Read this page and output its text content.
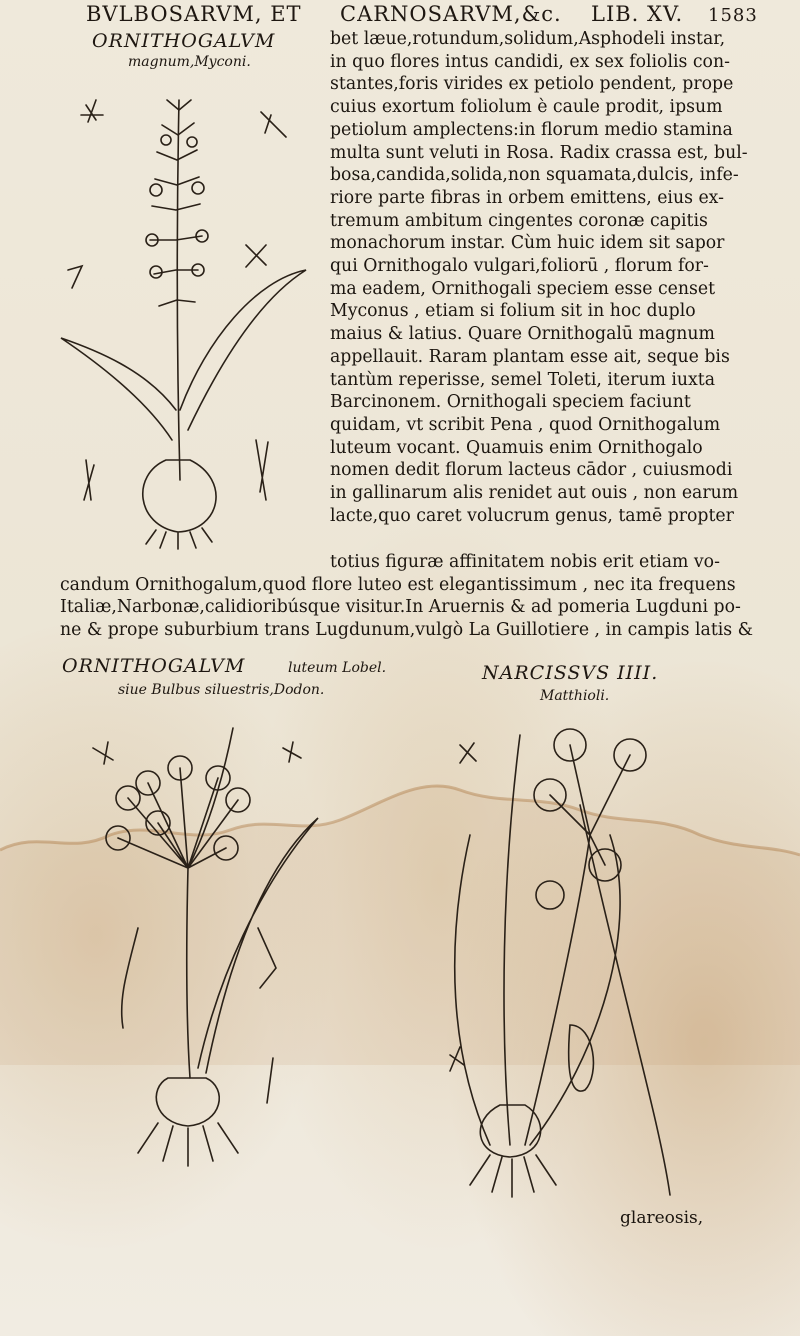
BVLBOSARVM, ET CARNOSARVM,&c. LIB. XV. 1583
ORNITHOGALVM
magnum,Myconi.
bet læue,rotundum,solidum,Asphodeli instar,
in quo flores intus candidi, ex sex foliolis con-
stantes,foris virides ex petiolo pendent, prope
cuius exortum foliolum è caule prodit, ipsum
petiolum amplectens:in florum medio stamina
multa sunt veluti in Rosa. Radix crassa est, bul-
bosa,candida,solida,non squamata,dulcis, infe-
riore parte fibras in orbem emittens, eius ex-
tremum ambitum cingentes coronæ capitis
monachorum instar. Cùm huic idem sit sapor
qui Ornithogalo vulgari,foliorū , florum for-
ma eadem, Ornithogali speciem esse censet
Myconus , etiam si folium sit in hoc duplo
maius & latius. Quare Ornithogalū magnum
appellauit. Raram plantam esse ait, seque bis
tantùm reperisse, semel Toleti, iterum iuxta
Barcinonem. Ornithogali speciem faciunt
quidam, vt scribit Pena , quod Ornithogalum
luteum vocant. Quamuis enim Ornithogalo
nomen dedit florum lacteus cādor , cuiusmodi
in gallinarum alis renidet aut ouis , non earum
lacte,quo caret volucrum genus, tamē propter
totius figuræ affinitatem nobis erit etiam vo-
candum Ornithogalum,quod flore luteo est elegantissimum , nec ita frequens
Italiæ,Narbonæ,calidioribúsque visitur.In Aruernis & ad pomeria Lugduni po-
ne & prope suburbium trans Lugdunum,vulgò La Guillotiere , in campis latis &
ORNITHOGALVM	luteum Lobel.
siue Bulbus siluestris,Dodon.
NARCISSVS IIII.
Matthioli.
glareosis,
